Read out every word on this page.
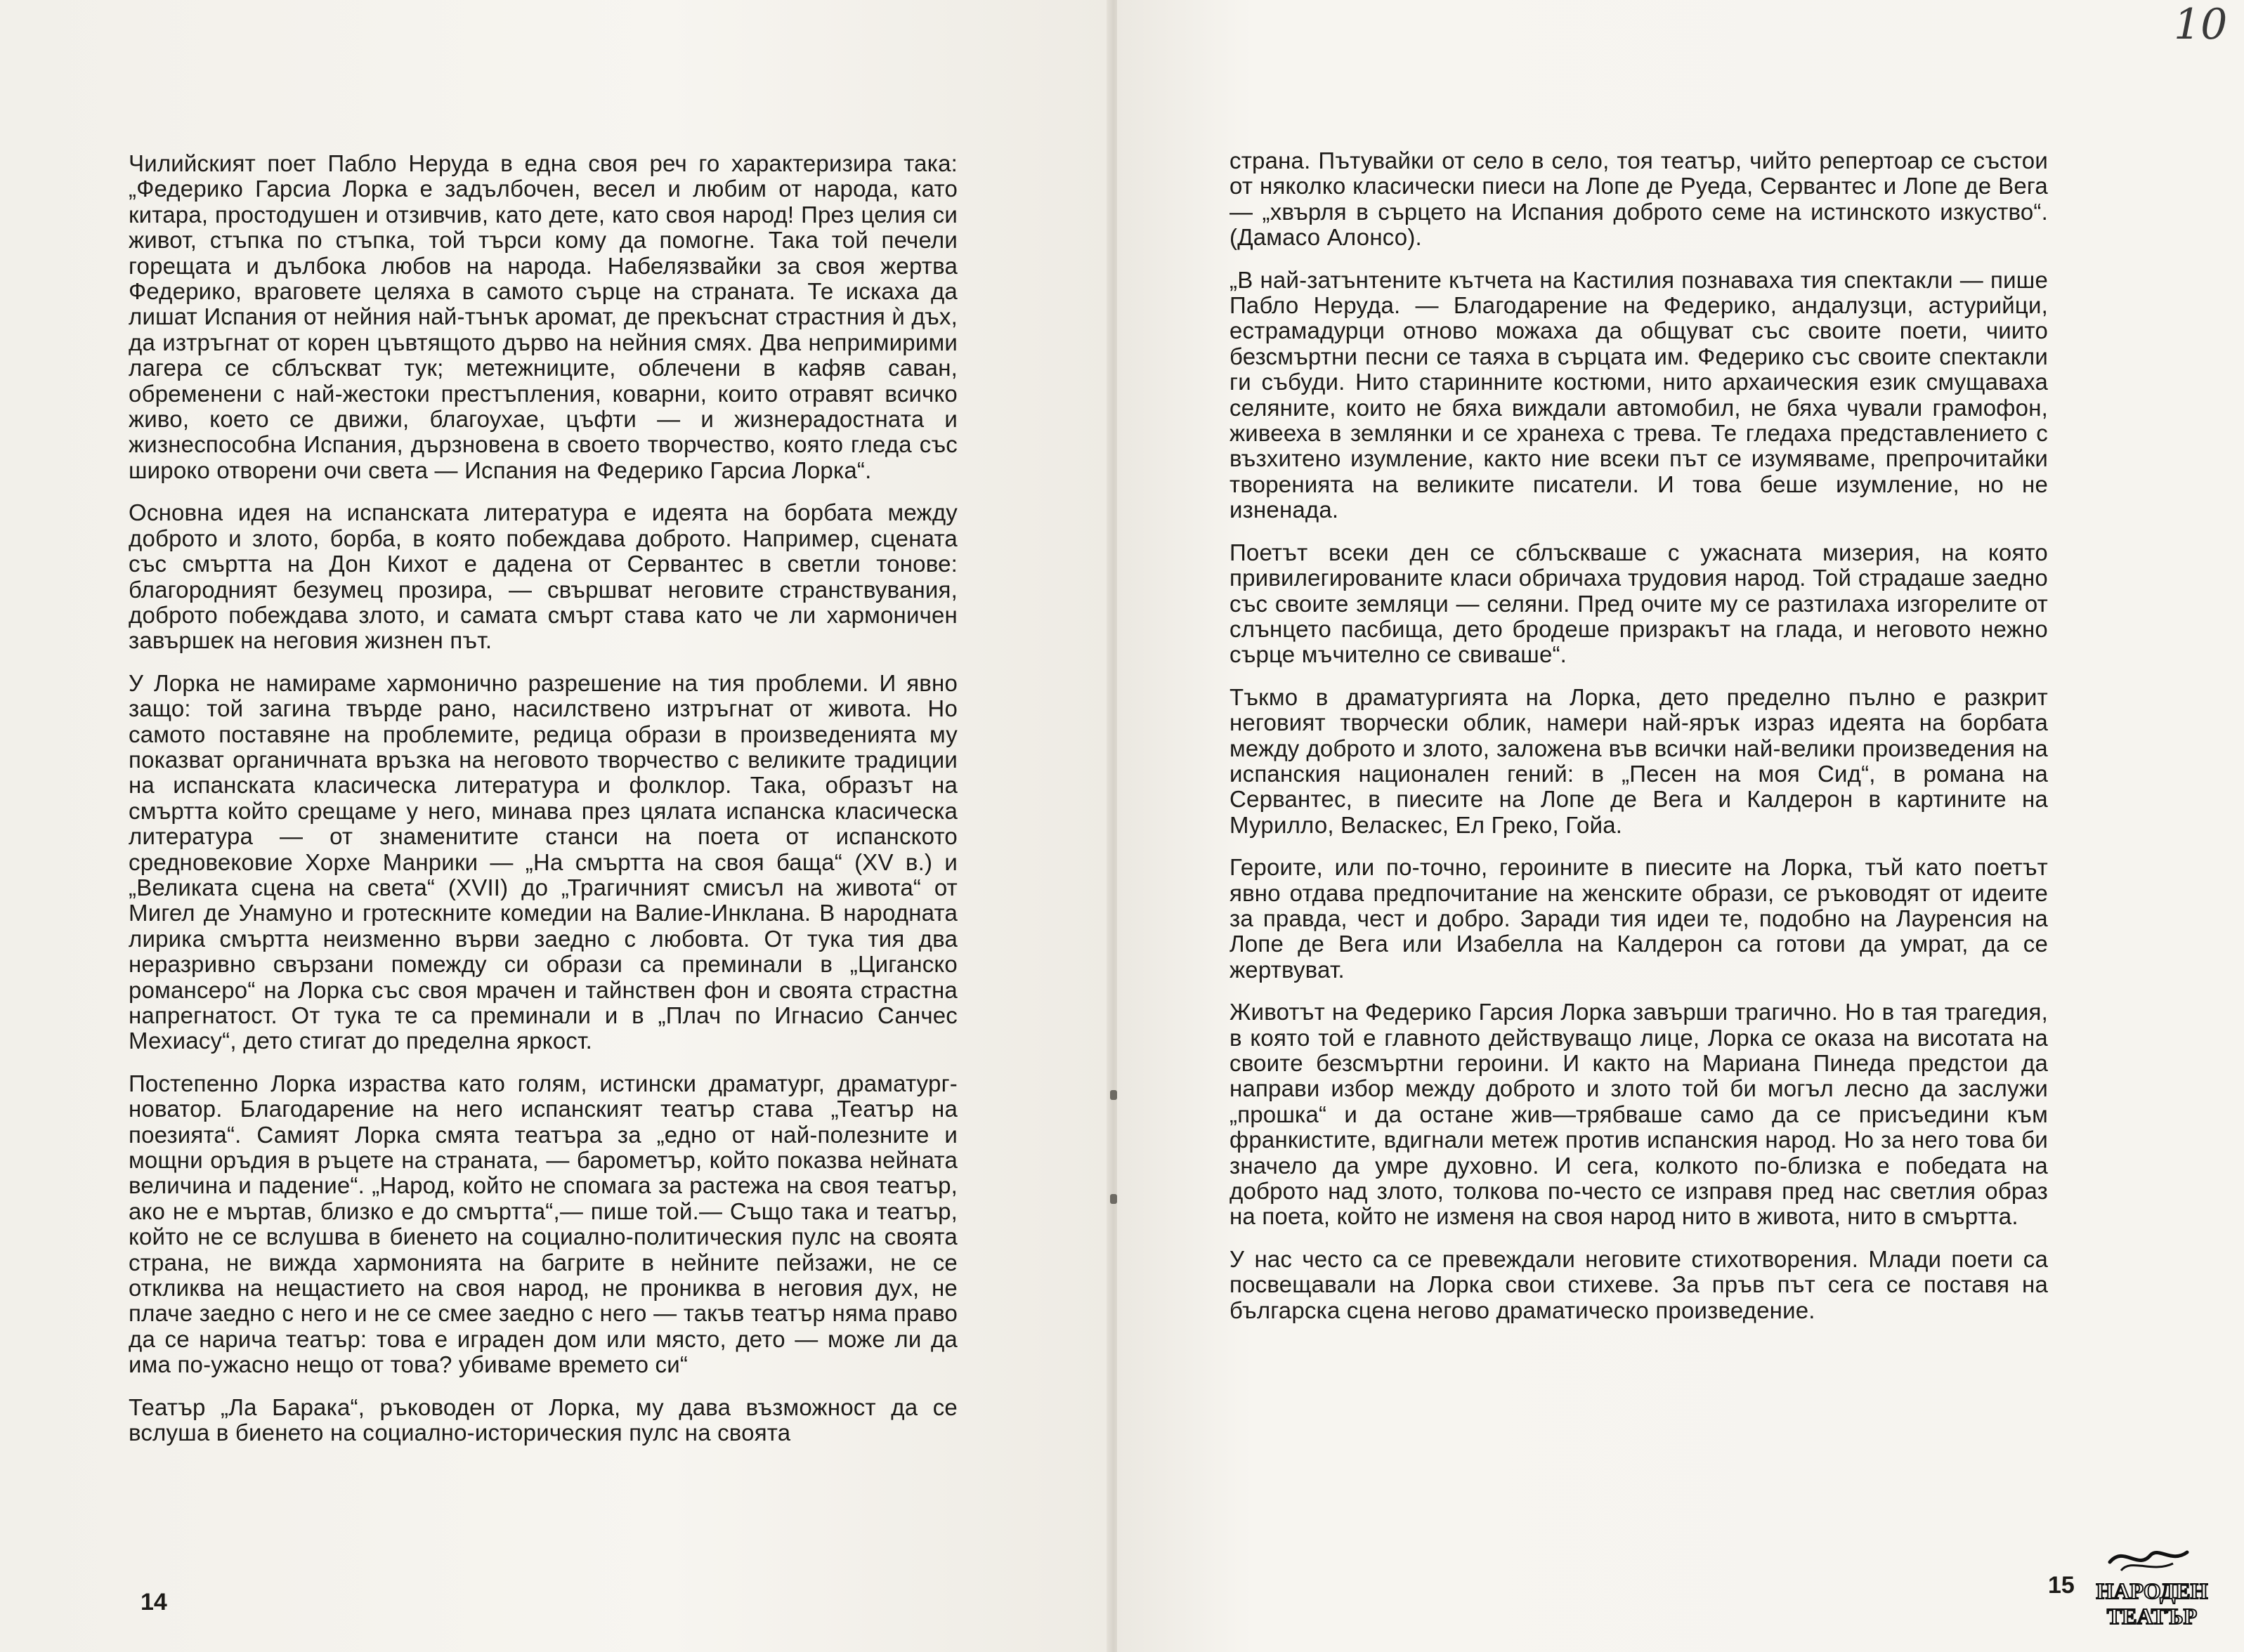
Чилийският поет Пабло Неруда в една своя реч го характеризира така: „Федерико Гарсиа Лорка е задълбочен, весел и любим от народа, като китара, простодушен и отзивчив, като дете, като своя народ! През целия си живот, стъпка по стъпка, той търси кому да помогне. Така той печели горещата и дълбока любов на народа. Набелязвайки за своя жертва Федерико, враговете целяха в самото сърце на страната. Те искаха да лишат Испания от нейния най-тънък аромат, де прекъснат страстния ѝ дъх, да изтръгнат от корен цъвтящото дърво на нейния смях. Два непримирими лагера се сблъскват тук; метежниците, облечени в кафяв саван, обременени с най-жестоки престъпления, коварни, които отравят всичко живо, което се движи, благоухае, цъфти — и жизнерадостната и жизнеспособна Испания, дързновена в своето творчество, която гледа със широко отворени очи света — Испания на Федерико Гарсиа Лорка“.

Основна идея на испанската литература е идеята на борбата между доброто и злото, борба, в която побеждава доброто. Например, сцената със смъртта на Дон Кихот е дадена от Сервантес в светли тонове: благородният безумец прозира, — свършват неговите странствувания, доброто побеждава злото, и самата смърт става като че ли хармоничен завършек на неговия жизнен път.

У Лорка не намираме хармонично разрешение на тия проблеми. И явно защо: той загина твърде рано, насилствено изтръгнат от живота. Но самото поставяне на проблемите, редица образи в произведенията му показват органичната връзка на неговото творчество с великите традиции на испанската класическа литература и фолклор. Така, образът на смъртта който срещаме у него, минава през цялата испанска класическа литература — от знаменитите станси на поета от испанското средновековие Хорхе Манрики — „На смъртта на своя баща“ (XV в.) и „Великата сцена на света“ (XVII) до „Трагичният смисъл на живота“ от Мигел де Унамуно и гротескните комедии на Валие-Инклана. В народната лирика смъртта неизменно върви заедно с любовта. От тука тия два неразривно свързани помежду си образи са преминали в „Циганско романсеро“ на Лорка със своя мрачен и тайнствен фон и своята страстна напрегнатост. От тука те са преминали и в „Плач по Игнасио Санчес Мехиасу“, дето стигат до пределна яркост.

Постепенно Лорка израства като голям, истински драматург, драматург-новатор. Благодарение на него испанският театър става „Театър на поезията“. Самият Лорка смята театъра за „едно от най-полезните и мощни оръдия в ръцете на страната, — барометър, който показва нейната величина и падение“. „Народ, който не спомага за растежа на своя театър, ако не е мъртав, близко е до смъртта“,— пише той.— Също така и театър, който не се вслушва в биенето на социално-политическия пулс на своята страна, не вижда хармонията на багрите в нейните пейзажи, не се откликва на нещастието на своя народ, не прониква в неговия дух, не плаче заедно с него и не се смее заедно с него — такъв театър няма право да се нарича театър: това е играден дом или място, дето — може ли да има по-ужасно нещо от това? убиваме времето си“

Театър „Ла Барака“, ръководен от Лорка, му дава възможност да се вслуша в биенето на социално-историческия пулс на своята

14
10

страна. Пътувайки от село в село, тоя театър, чийто репертоар се състои от няколко класически пиеси на Лопе де Руеда, Сервантес и Лопе де Вега — „хвърля в сърцето на Испания доброто семе на истинското изкуство“. (Дамасо Алонсо).

„В най-затънтените кътчета на Кастилия познаваха тия спектакли — пише Пабло Неруда. — Благодарение на Федерико, андалузци, астурийци, естрамадурци отново можаха да общуват със своите поети, чиито безсмъртни песни се таяха в сърцата им. Федерико със своите спектакли ги събуди. Нито старинните костюми, нито архаическия език смущаваха селяните, които не бяха виждали автомобил, не бяха чували грамофон, живееха в землянки и се хранеха с трева. Те гледаха представлението с възхитено изумление, както ние всеки път се изумяваме, препрочитайки творенията на великите писатели. И това беше изумление, но не изненада.

Поетът всеки ден се сблъскваше с ужасната мизерия, на която привилегированите класи обричаха трудовия народ. Той страдаше заедно със своите земляци — селяни. Пред очите му се разтилаха изгорелите от слънцето пасбища, дето бродеше призракът на глада, и неговото нежно сърце мъчително се свиваше“.

Тъкмо в драматургията на Лорка, дето пределно пълно е разкрит неговият творчески облик, намери най-ярък израз идеята на борбата между доброто и злото, заложена във всички най-велики произведения на испанския национален гений: в „Песен на моя Сид“, в романа на Сервантес, в пиесите на Лопе де Вега и Калдерон в картините на Мурилло, Веласкес, Ел Греко, Гойа.

Героите, или по-точно, героините в пиесите на Лорка, тъй като поетът явно отдава предпочитание на женските образи, се ръководят от идеите за правда, чест и добро. Заради тия идеи те, подобно на Лауренсия на Лопе де Вега или Изабелла на Калдерон са готови да умрат, да се жертвуват.

Животът на Федерико Гарсия Лорка завърши трагично. Но в тая трагедия, в която той е главното действуващо лице, Лорка се оказа на висотата на своите безсмъртни героини. И както на Мариана Пинеда предстои да направи избор между доброто и злото той би могъл лесно да заслужи „прошка“ и да остане жив—трябваше само да се присъедини към франкистите, вдигнали метеж против испанския народ. Но за него това би значело да умре духовно. И сега, колкото по-близка е победата на доброто над злото, толкова по-често се изправя пред нас светлия образ на поета, който не изменя на своя народ нито в живота, нито в смъртта.

У нас често са се превеждали неговите стихотворения. Млади поети са посвещавали на Лорка свои стихеве. За пръв път сега се поставя на българска сцена негово драматическо произведение.

15 НАРОДЕН
ТЕАТЪР
